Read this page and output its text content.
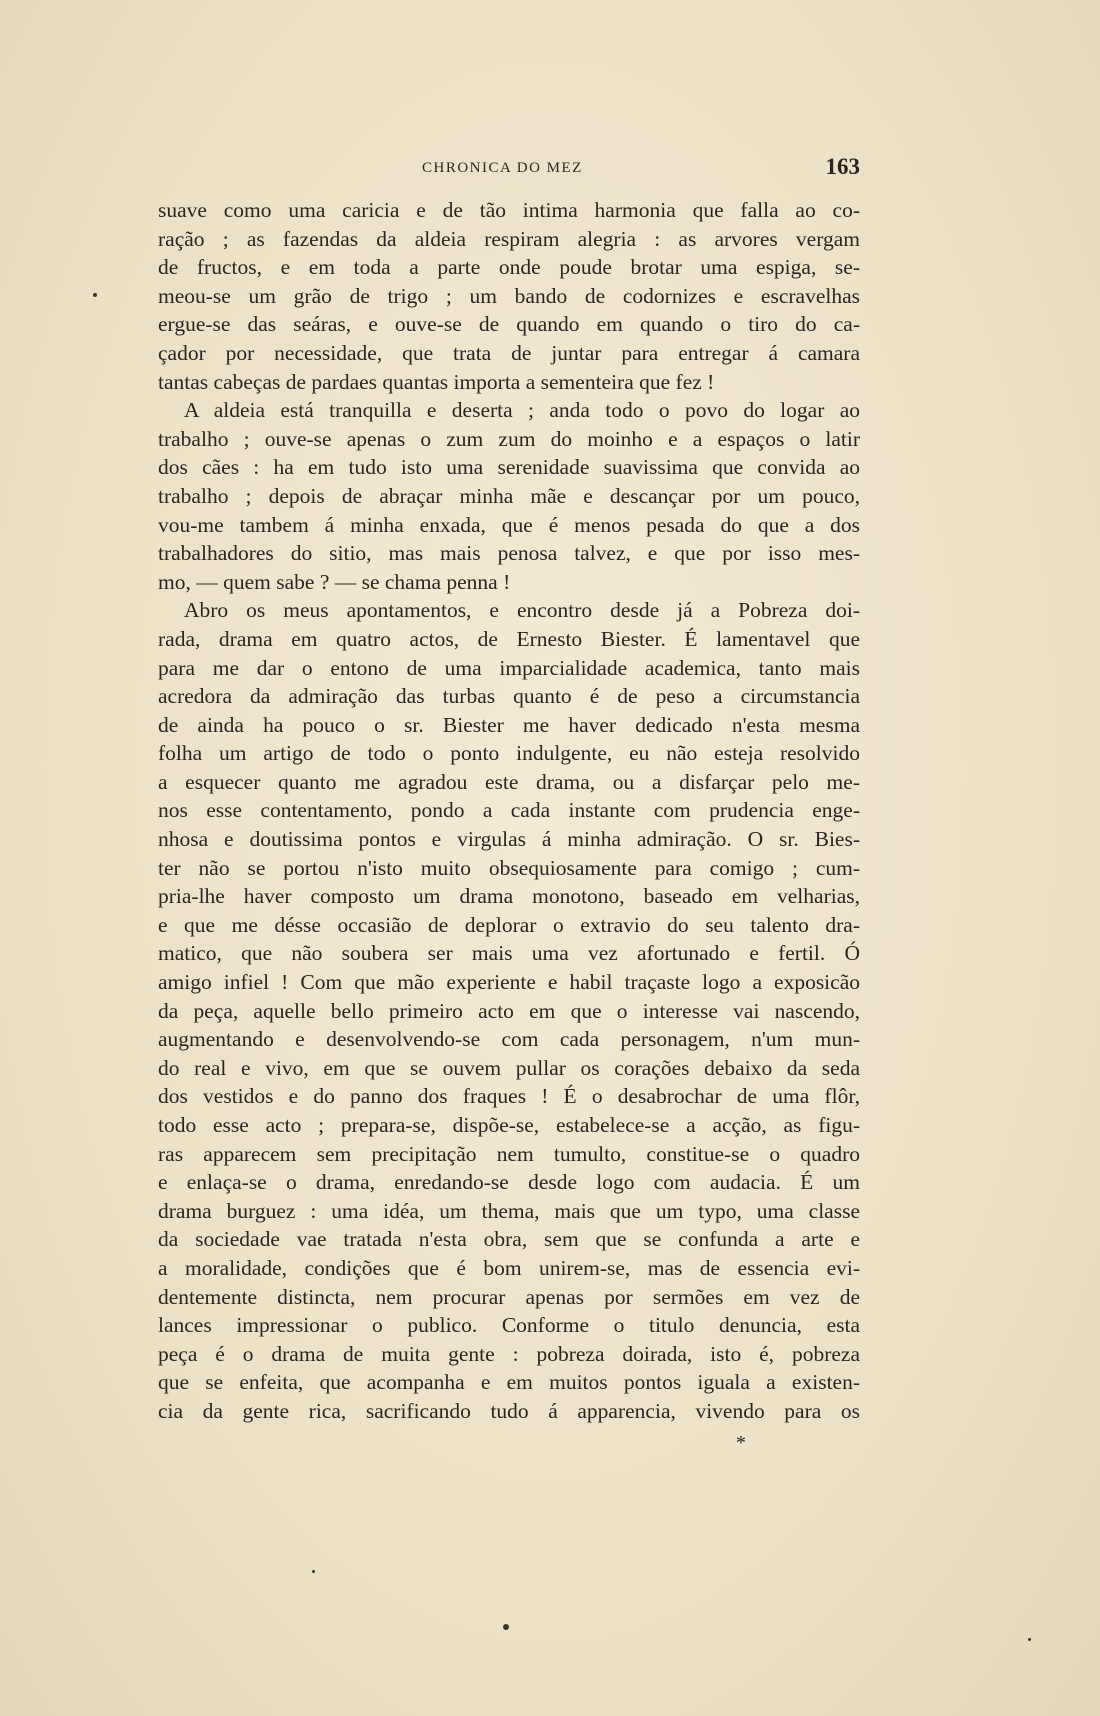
CHRONICA DO MEZ	163
suave como uma caricia e de tão intima harmonia que falla ao co-
ração ; as fazendas da aldeia respiram alegria : as arvores vergam
de fructos, e em toda a parte onde poude brotar uma espiga, se-
meou-se um grão de trigo ; um bando de codornizes e escravelhas
ergue-se das seáras, e ouve-se de quando em quando o tiro do ca-
çador por necessidade, que trata de juntar para entregar á camara
tantas cabeças de pardaes quantas importa a sementeira que fez !
A aldeia está tranquilla e deserta ; anda todo o povo do logar ao
trabalho ; ouve-se apenas o zum zum do moinho e a espaços o latir
dos cães : ha em tudo isto uma serenidade suavissima que convida ao
trabalho ; depois de abraçar minha mãe e descançar por um pouco,
vou-me tambem á minha enxada, que é menos pesada do que a dos
trabalhadores do sitio, mas mais penosa talvez, e que por isso mes-
mo, — quem sabe ? — se chama penna !
Abro os meus apontamentos, e encontro desde já a Pobreza doi-
rada, drama em quatro actos, de Ernesto Biester. É lamentavel que
para me dar o entono de uma imparcialidade academica, tanto mais
acredora da admiração das turbas quanto é de peso a circumstancia
de ainda ha pouco o sr. Biester me haver dedicado n'esta mesma
folha um artigo de todo o ponto indulgente, eu não esteja resolvido
a esquecer quanto me agradou este drama, ou a disfarçar pelo me-
nos esse contentamento, pondo a cada instante com prudencia enge-
nhosa e doutissima pontos e virgulas á minha admiração. O sr. Bies-
ter não se portou n'isto muito obsequiosamente para comigo ; cum-
pria-lhe haver composto um drama monotono, baseado em velharias,
e que me désse occasião de deplorar o extravio do seu talento dra-
matico, que não soubera ser mais uma vez afortunado e fertil. Ó
amigo infiel ! Com que mão experiente e habil traçaste logo a exposicão
da peça, aquelle bello primeiro acto em que o interesse vai nascendo,
augmentando e desenvolvendo-se com cada personagem, n'um mun-
do real e vivo, em que se ouvem pullar os corações debaixo da seda
dos vestidos e do panno dos fraques ! É o desabrochar de uma flôr,
todo esse acto ; prepara-se, dispõe-se, estabelece-se a acção, as figu-
ras apparecem sem precipitação nem tumulto, constitue-se o quadro
e enlaça-se o drama, enredando-se desde logo com audacia. É um
drama burguez : uma idéa, um thema, mais que um typo, uma classe
da sociedade vae tratada n'esta obra, sem que se confunda a arte e
a moralidade, condições que é bom unirem-se, mas de essencia evi-
dentemente distincta, nem procurar apenas por sermões em vez de
lances impressionar o publico. Conforme o titulo denuncia, esta
peça é o drama de muita gente : pobreza doirada, isto é, pobreza
que se enfeita, que acompanha e em muitos pontos iguala a existen-
cia da gente rica, sacrificando tudo á apparencia, vivendo para os
*
